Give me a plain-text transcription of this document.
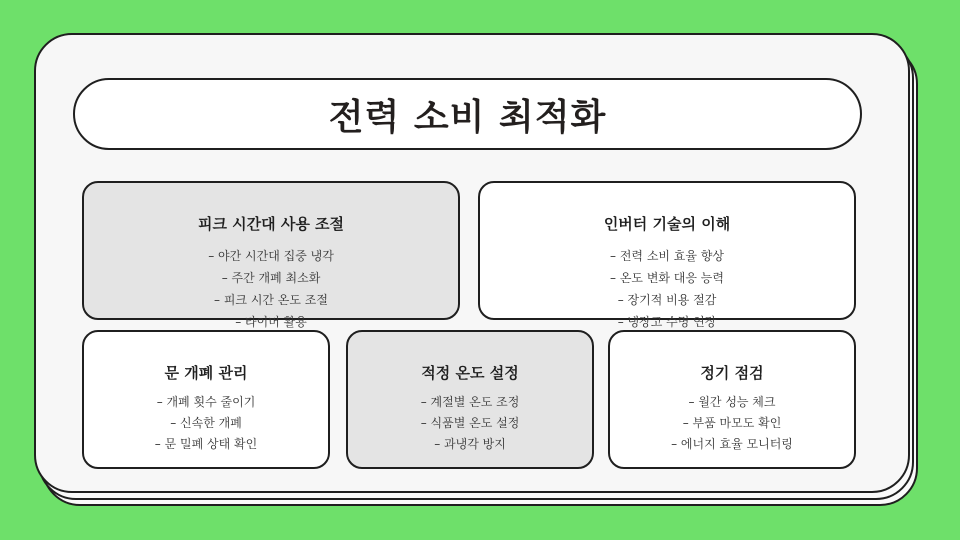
전력 소비 최적화
피크 시간대 사용 조절
– 야간 시간대 집중 냉각
– 주간 개폐 최소화
– 피크 시간 온도 조절
– 타이머 활용
인버터 기술의 이해
– 전력 소비 효율 향상
– 온도 변화 대응 능력
– 장기적 비용 절감
– 냉장고 수명 연장
문 개폐 관리
– 개폐 횟수 줄이기
– 신속한 개폐
– 문 밀폐 상태 확인
적정 온도 설정
– 계절별 온도 조정
– 식품별 온도 설정
– 과냉각 방지
정기 점검
– 월간 성능 체크
– 부품 마모도 확인
– 에너지 효율 모니터링
